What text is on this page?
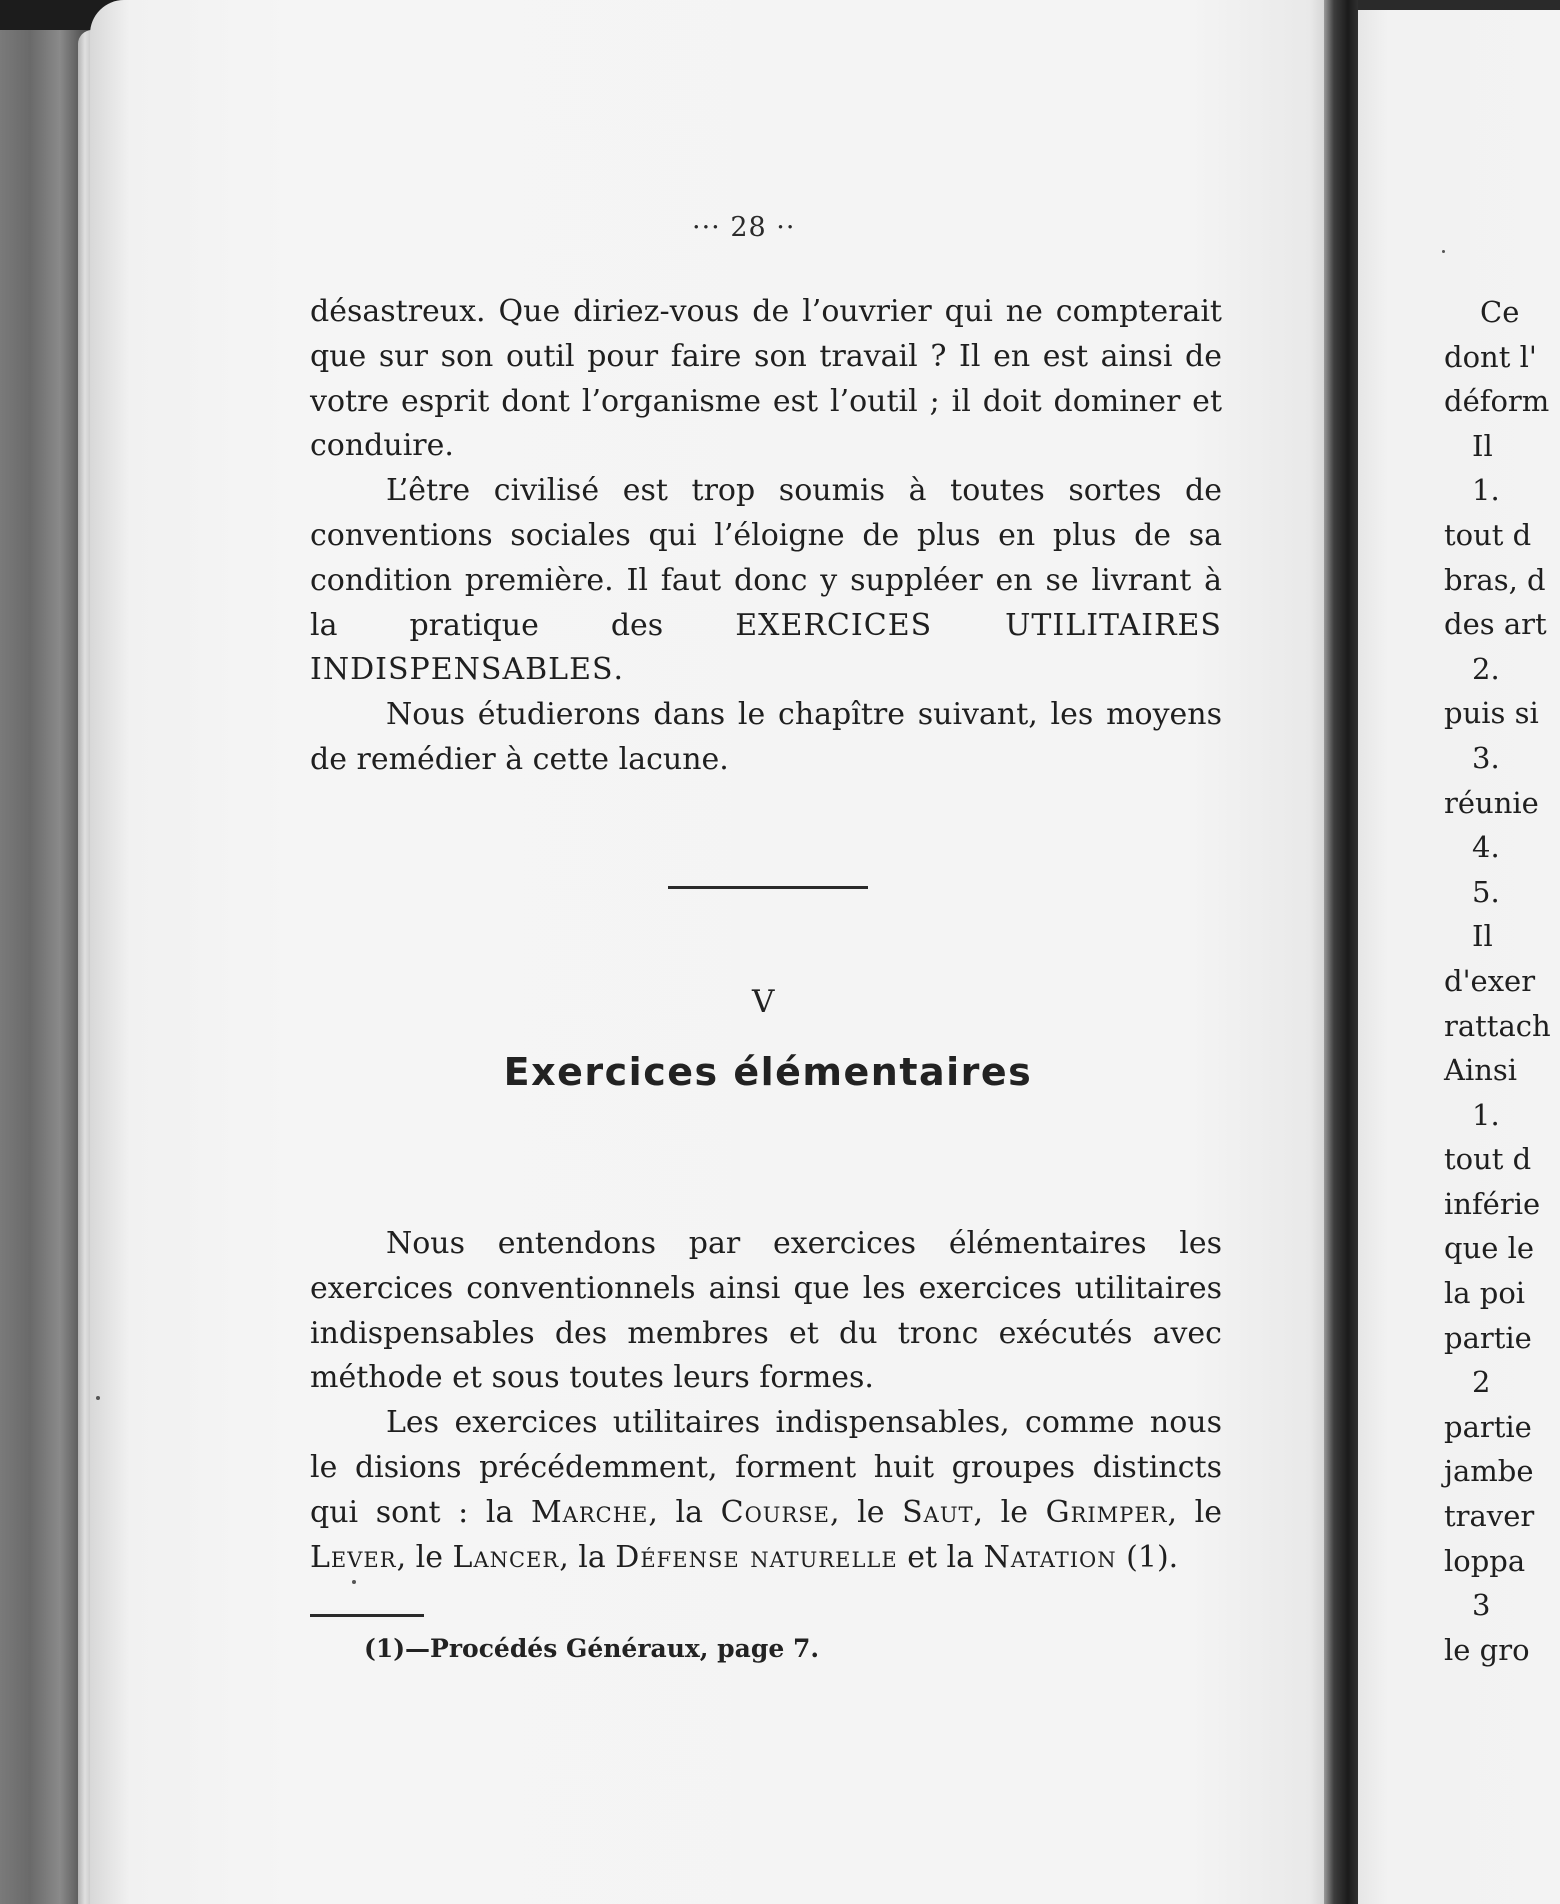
··· 28 ··

désastreux. Que diriez-vous de l’ouvrier qui ne compterait que sur son outil pour faire son travail ? Il en est ainsi de votre esprit dont l’organisme est l’outil ; il doit dominer et conduire.

L’être civilisé est trop soumis à toutes sortes de conventions sociales qui l’éloigne de plus en plus de sa condition première. Il faut donc y suppléer en se livrant à la pratique des EXERCICES UTILITAIRES INDISPENSABLES.

Nous étudierons dans le chapître suivant, les moyens de remédier à cette lacune.

V
Exercices élémentaires

Nous entendons par exercices élémentaires les exercices conventionnels ainsi que les exercices utilitaires indispensables des membres et du tronc exécutés avec méthode et sous toutes leurs formes.

Les exercices utilitaires indispensables, comme nous le disions précédemment, forment huit groupes distincts qui sont : la Marche, la Course, le Saut, le Grimper, le Lever, le Lancer, la Défense naturelle et la Natation (1).

(1)—Procédés Généraux, page 7.
Ce
dont l'
déform
Il
1.
tout d
bras, d
des art
2.
puis si
3.
réunie
4.
5.
Il
d'exer
rattach
Ainsi
1.
tout d
inférie
que le
la poi
partie
2
partie
jambe
traver
loppa
3
le gro
